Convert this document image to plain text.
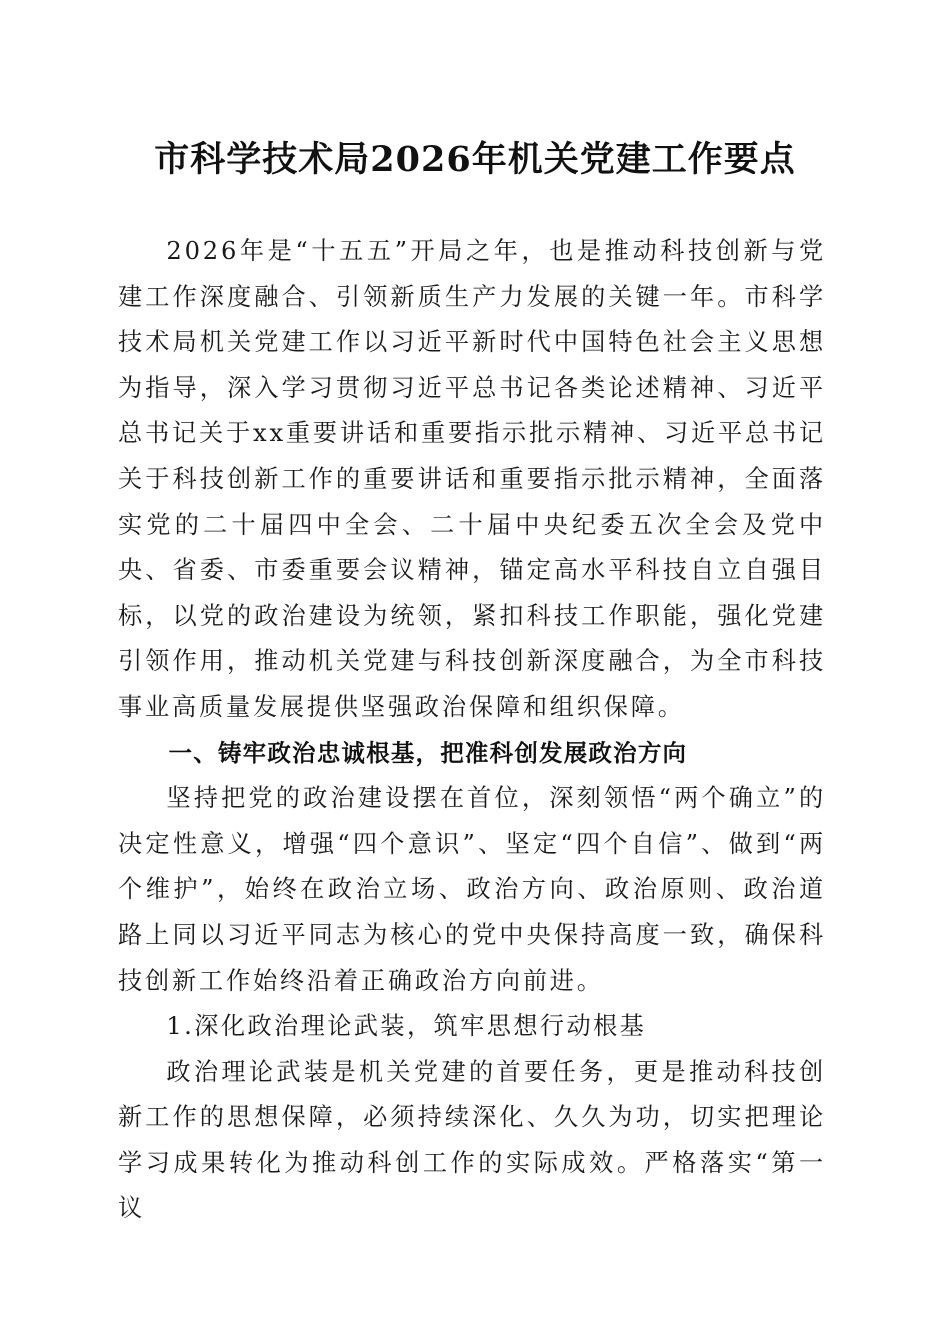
市科学技术局2026年机关党建工作要点

2026年是“十五五”开局之年，也是推动科技创新与党建工作深度融合、引领新质生产力发展的关键一年。市科学技术局机关党建工作以习近平新时代中国特色社会主义思想为指导，深入学习贯彻习近平总书记各类论述精神、习近平总书记关于xx重要讲话和重要指示批示精神、习近平总书记关于科技创新工作的重要讲话和重要指示批示精神，全面落实党的二十届四中全会、二十届中央纪委五次全会及党中央、省委、市委重要会议精神，锚定高水平科技自立自强目标，以党的政治建设为统领，紧扣科技工作职能，强化党建引领作用，推动机关党建与科技创新深度融合，为全市科技事业高质量发展提供坚强政治保障和组织保障。

一、铸牢政治忠诚根基，把准科创发展政治方向

坚持把党的政治建设摆在首位，深刻领悟“两个确立”的决定性意义，增强“四个意识”、坚定“四个自信”、做到“两个维护”，始终在政治立场、政治方向、政治原则、政治道路上同以习近平同志为核心的党中央保持高度一致，确保科技创新工作始终沿着正确政治方向前进。

1.深化政治理论武装，筑牢思想行动根基

政治理论武装是机关党建的首要任务，更是推动科技创新工作的思想保障，必须持续深化、久久为功，切实把理论学习成果转化为推动科创工作的实际成效。严格落实“第一议
